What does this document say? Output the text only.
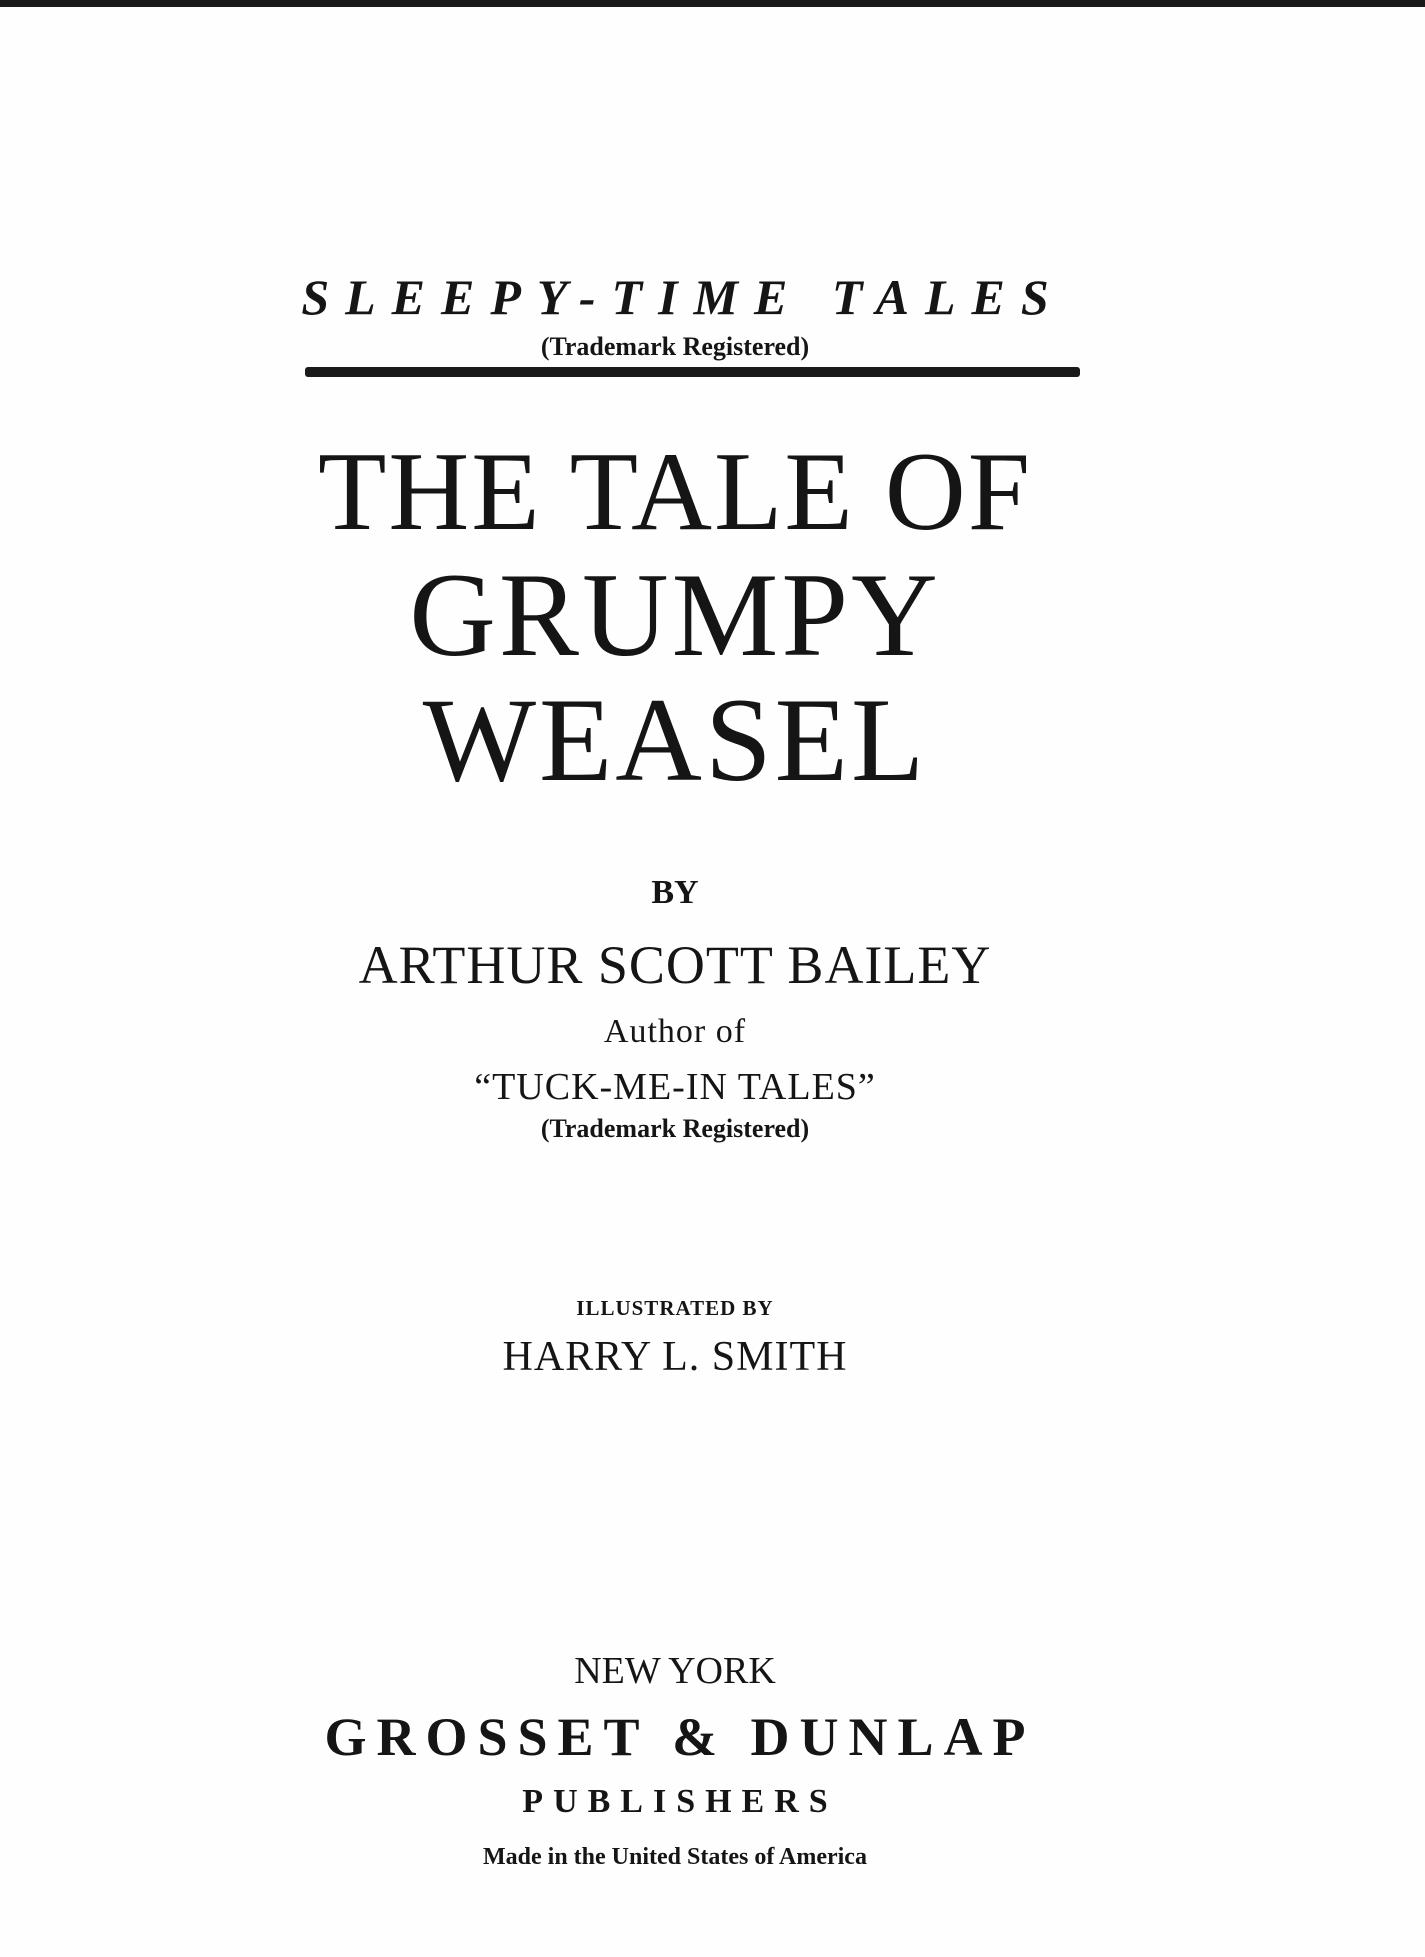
SLEEPY-TIME TALES
(Trademark Registered)
THE TALE OF
GRUMPY
WEASEL
BY
ARTHUR SCOTT BAILEY
Author of
“TUCK-ME-IN TALES”
(Trademark Registered)
ILLUSTRATED BY
HARRY L. SMITH
NEW YORK
GROSSET & DUNLAP
PUBLISHERS
Made in the United States of America
